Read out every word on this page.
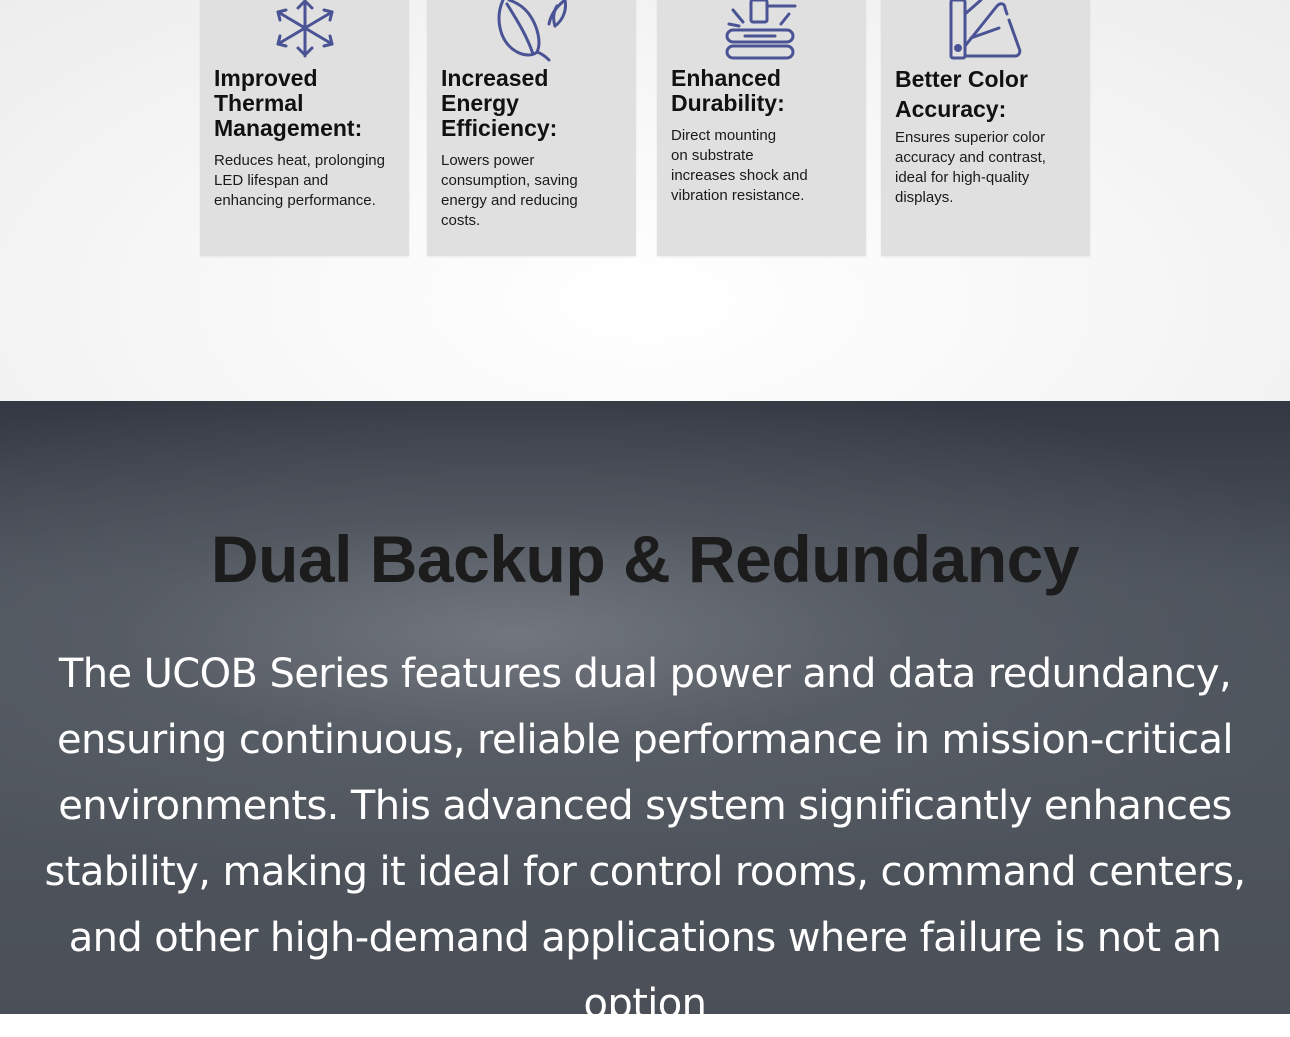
Improved
Thermal
Management:

Reduces heat, prolonging
LED lifespan and
enhancing performance.

Increased
Energy
Efficiency:

Lowers power
consumption, saving
energy and reducing
costs.

Enhanced
Durability:

Direct mounting
on substrate
increases shock and
vibration resistance.

Better Color
Accuracy:

Ensures superior color
accuracy and contrast,
ideal for high-quality
displays.

Dual Backup & Redundancy

The UCOB Series features dual power and data redundancy, ensuring continuous, reliable performance in mission-critical environments. This advanced system significantly enhances stability, making it ideal for control rooms, command centers, and other high-demand applications where failure is not an option
